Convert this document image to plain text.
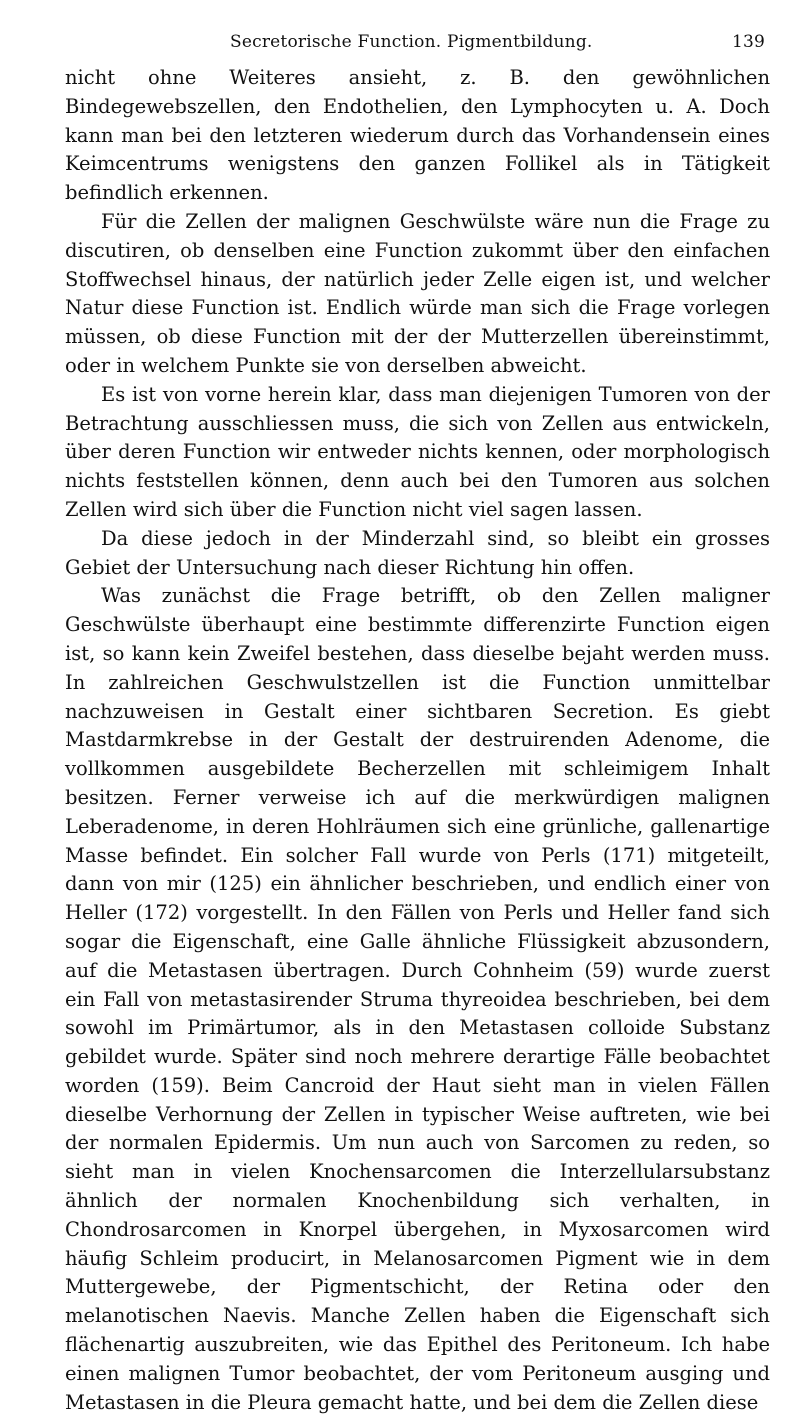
Secretorische Function. Pigmentbildung.	139

nicht ohne Weiteres ansieht, z. B. den gewöhnlichen Bindegewebszellen, den Endothelien, den Lymphocyten u. A. Doch kann man bei den letzteren wiederum durch das Vorhandensein eines Keimcentrums wenigstens den ganzen Follikel als in Tätigkeit befindlich erkennen.

Für die Zellen der malignen Geschwülste wäre nun die Frage zu discutiren, ob denselben eine Function zukommt über den einfachen Stoffwechsel hinaus, der natürlich jeder Zelle eigen ist, und welcher Natur diese Function ist. Endlich würde man sich die Frage vorlegen müssen, ob diese Function mit der der Mutterzellen übereinstimmt, oder in welchem Punkte sie von derselben abweicht.

Es ist von vorne herein klar, dass man diejenigen Tumoren von der Betrachtung ausschliessen muss, die sich von Zellen aus entwickeln, über deren Function wir entweder nichts kennen, oder morphologisch nichts feststellen können, denn auch bei den Tumoren aus solchen Zellen wird sich über die Function nicht viel sagen lassen.

Da diese jedoch in der Minderzahl sind, so bleibt ein grosses Gebiet der Untersuchung nach dieser Richtung hin offen.

Was zunächst die Frage betrifft, ob den Zellen maligner Geschwülste überhaupt eine bestimmte differenzirte Function eigen ist, so kann kein Zweifel bestehen, dass dieselbe bejaht werden muss. In zahlreichen Geschwulstzellen ist die Function unmittelbar nachzuweisen in Gestalt einer sichtbaren Secretion. Es giebt Mastdarmkrebse in der Gestalt der destruirenden Adenome, die vollkommen ausgebildete Becherzellen mit schleimigem Inhalt besitzen. Ferner verweise ich auf die merkwürdigen malignen Leberadenome, in deren Hohlräumen sich eine grünliche, gallenartige Masse befindet. Ein solcher Fall wurde von Perls (171) mitgeteilt, dann von mir (125) ein ähnlicher beschrieben, und endlich einer von Heller (172) vorgestellt. In den Fällen von Perls und Heller fand sich sogar die Eigenschaft, eine Galle ähnliche Flüssigkeit abzusondern, auf die Metastasen übertragen. Durch Cohnheim (59) wurde zuerst ein Fall von metastasirender Struma thyreoidea beschrieben, bei dem sowohl im Primärtumor, als in den Metastasen colloide Substanz gebildet wurde. Später sind noch mehrere derartige Fälle beobachtet worden (159). Beim Cancroid der Haut sieht man in vielen Fällen dieselbe Verhornung der Zellen in typischer Weise auftreten, wie bei der normalen Epidermis. Um nun auch von Sarcomen zu reden, so sieht man in vielen Knochensarcomen die Interzellularsubstanz ähnlich der normalen Knochenbildung sich verhalten, in Chondrosarcomen in Knorpel übergehen, in Myxosarcomen wird häufig Schleim producirt, in Melanosarcomen Pigment wie in dem Muttergewebe, der Pigmentschicht, der Retina oder den melanotischen Naevis. Manche Zellen haben die Eigenschaft sich flächenartig auszubreiten, wie das Epithel des Peritoneum. Ich habe einen malignen Tumor beobachtet, der vom Peritoneum ausging und Metastasen in die Pleura gemacht hatte, und bei dem die Zellen diese
